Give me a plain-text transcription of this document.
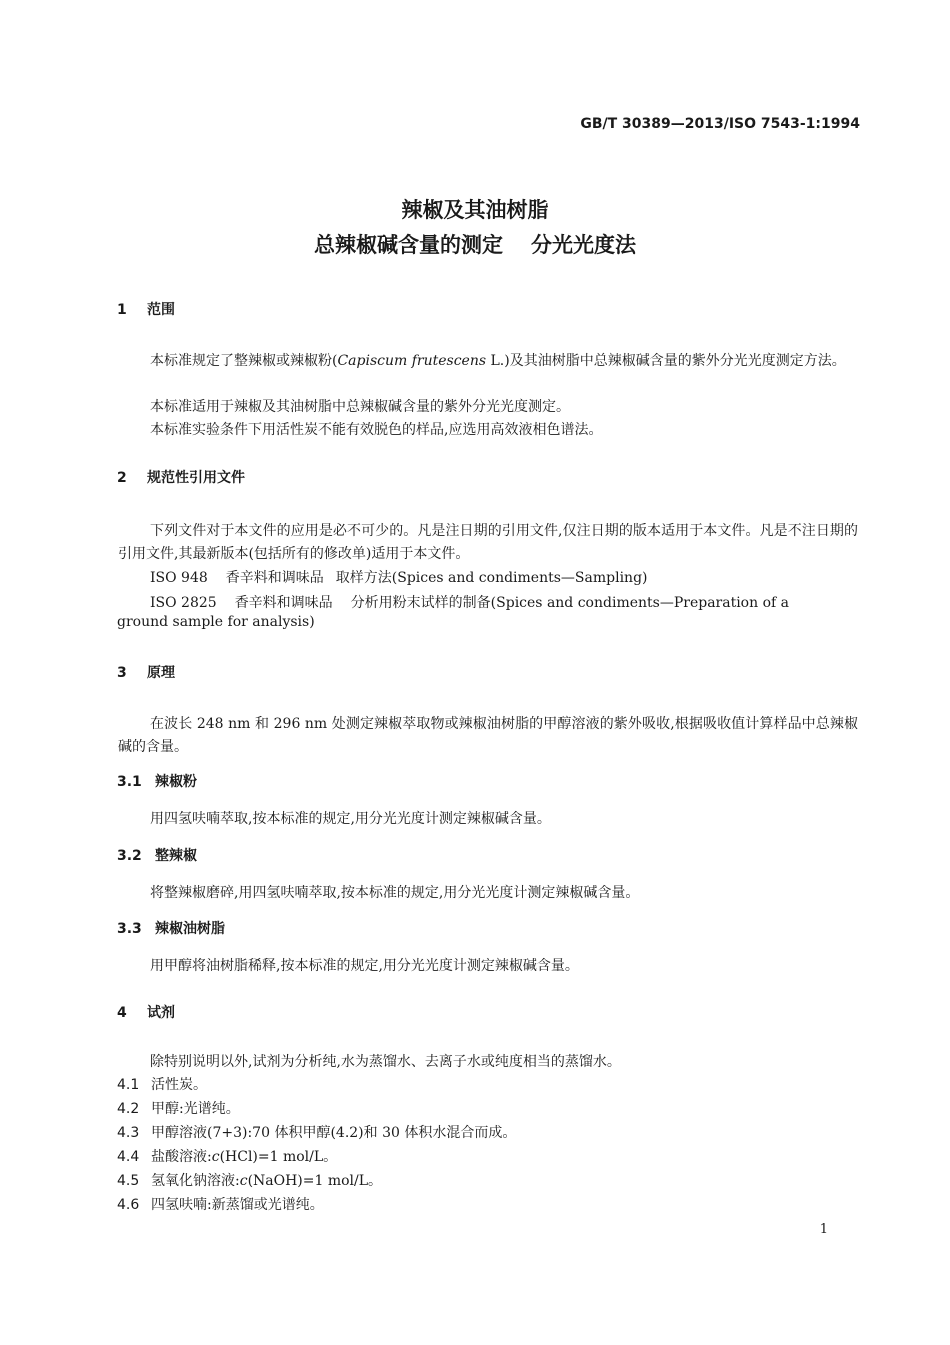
GB/T 30389—2013/ISO 7543-1:1994
辣椒及其油树脂
总辣椒碱含量的测定 分光光度法
1 范围
本标准规定了整辣椒或辣椒粉(Capiscum frutescens L.)及其油树脂中总辣椒碱含量的紫外分光光度测定方法。
本标准适用于辣椒及其油树脂中总辣椒碱含量的紫外分光光度测定。
本标准实验条件下用活性炭不能有效脱色的样品,应选用高效液相色谱法。
2 规范性引用文件
下列文件对于本文件的应用是必不可少的。凡是注日期的引用文件,仅注日期的版本适用于本文件。凡是不注日期的引用文件,其最新版本(包括所有的修改单)适用于本文件。
ISO 948 香辛料和调味品 取样方法(Spices and condiments—Sampling)
ISO 2825 香辛料和调味品 分析用粉末试样的制备(Spices and condiments—Preparation of a
ground sample for analysis)
3 原理
在波长 248 nm 和 296 nm 处测定辣椒萃取物或辣椒油树脂的甲醇溶液的紫外吸收,根据吸收值计算样品中总辣椒碱的含量。
3.1 辣椒粉
用四氢呋喃萃取,按本标准的规定,用分光光度计测定辣椒碱含量。
3.2 整辣椒
将整辣椒磨碎,用四氢呋喃萃取,按本标准的规定,用分光光度计测定辣椒碱含量。
3.3 辣椒油树脂
用甲醇将油树脂稀释,按本标准的规定,用分光光度计测定辣椒碱含量。
4 试剂
除特别说明以外,试剂为分析纯,水为蒸馏水、去离子水或纯度相当的蒸馏水。
4.1 活性炭。
4.2 甲醇:光谱纯。
4.3 甲醇溶液(7+3):70 体积甲醇(4.2)和 30 体积水混合而成。
4.4 盐酸溶液:c(HCl)=1 mol/L。
4.5 氢氧化钠溶液:c(NaOH)=1 mol/L。
4.6 四氢呋喃:新蒸馏或光谱纯。
1
